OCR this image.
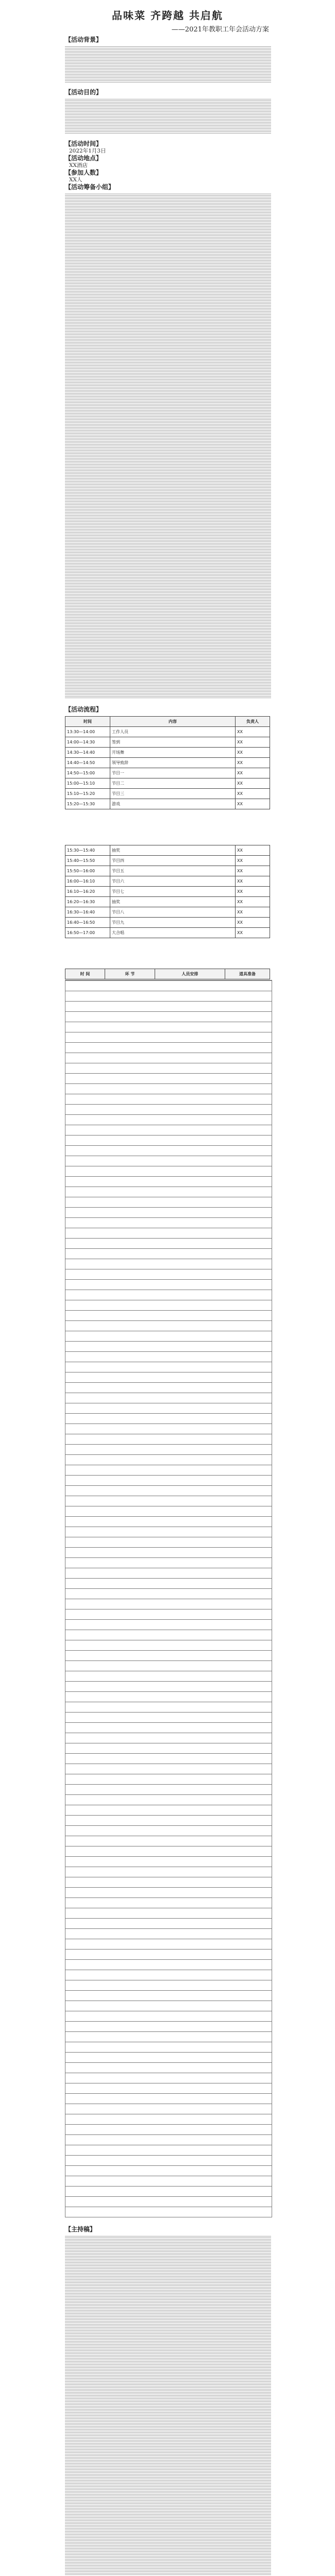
品味菜 齐跨越 共启航
——2021年教职工年会活动方案
【活动背景】
【活动目的】
【活动时间】
【活动地点】
【参加人数】
【活动筹备小组】
【活动流程】
【主持稿】
2022年1月3日
XX酒店
XX人
时间	内容	负责人
13:30—14:00	工作人员	XX
14:00—14:30	签到	XX
14:30—14:40	开场舞	XX
14:40—14:50	领导致辞	XX
14:50—15:00	节目一	XX
15:00—15:10	节目二	XX
15:10—15:20	节目三	XX
15:20—15:30	游戏	XX
15:30—15:40	抽奖	XX
15:40—15:50	节目四	XX
15:50—16:00	节目五	XX
16:00—16:10	节目六	XX
16:10—16:20	节目七	XX
16:20—16:30	抽奖	XX
16:30—16:40	节目八	XX
16:40—16:50	节目九	XX
16:50—17:00	大合唱	XX
时 间	环 节	人员安排	道具准备
